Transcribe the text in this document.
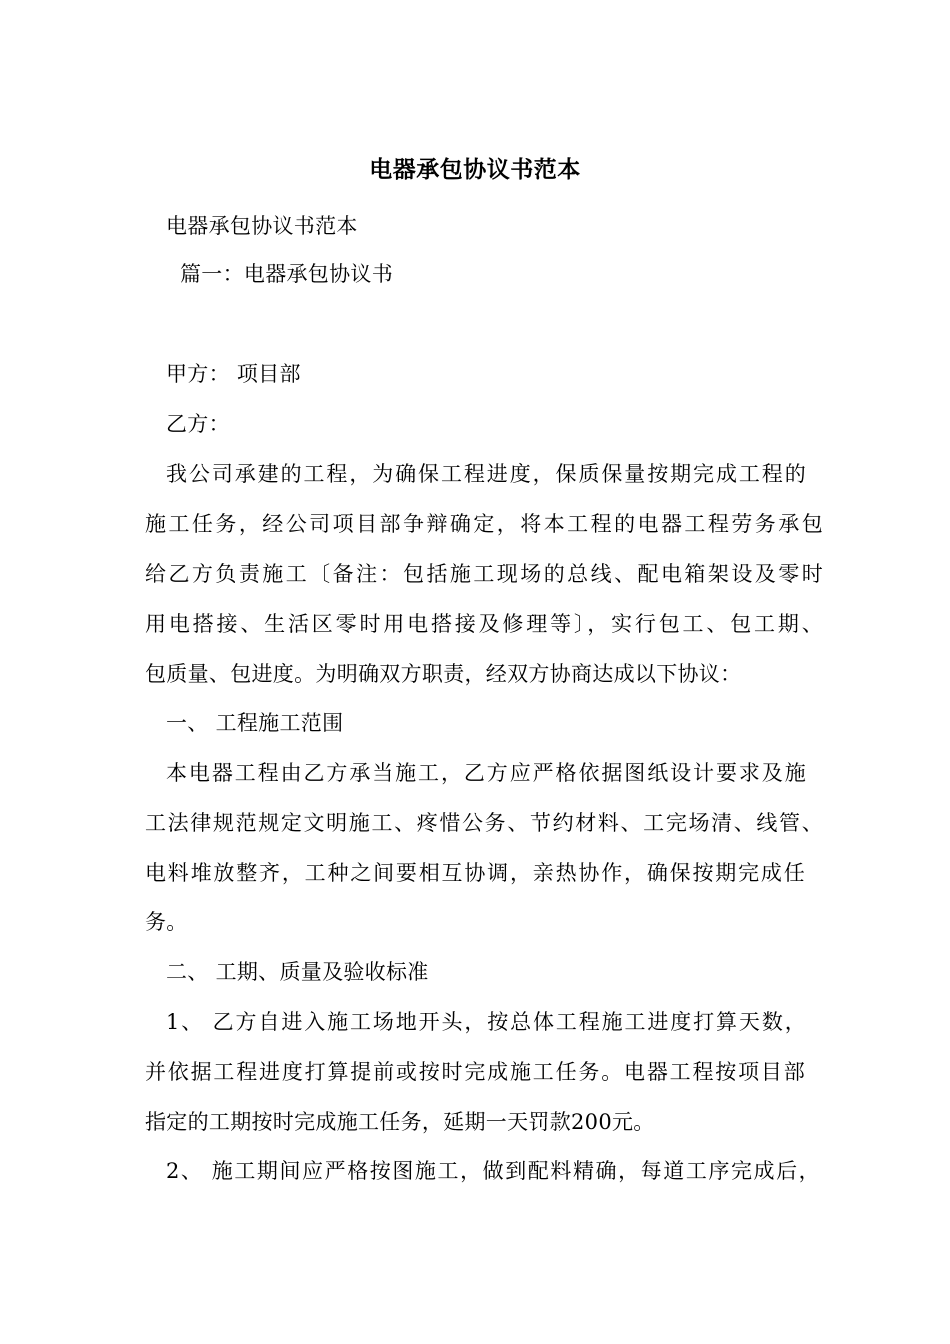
电器承包协议书范本
电器承包协议书范本
篇一：电器承包协议书
甲方： 项目部
乙方：
我公司承建的工程，为确保工程进度，保质保量按期完成工程的
施工任务，经公司项目部争辩确定，将本工程的电器工程劳务承包
给乙方负责施工〔备注：包括施工现场的总线、配电箱架设及零时
用电搭接、生活区零时用电搭接及修理等〕，实行包工、包工期、
包质量、包进度。为明确双方职责，经双方协商达成以下协议：
一、 工程施工范围
本电器工程由乙方承当施工，乙方应严格依据图纸设计要求及施
工法律规范规定文明施工、疼惜公务、节约材料、工完场清、线管、
电料堆放整齐，工种之间要相互协调，亲热协作，确保按期完成任
务。
二、 工期、质量及验收标准
1、 乙方自进入施工场地开头，按总体工程施工进度打算天数，
并依据工程进度打算提前或按时完成施工任务。电器工程按项目部
指定的工期按时完成施工任务，延期一天罚款200元。
2、 施工期间应严格按图施工，做到配料精确，每道工序完成后，
